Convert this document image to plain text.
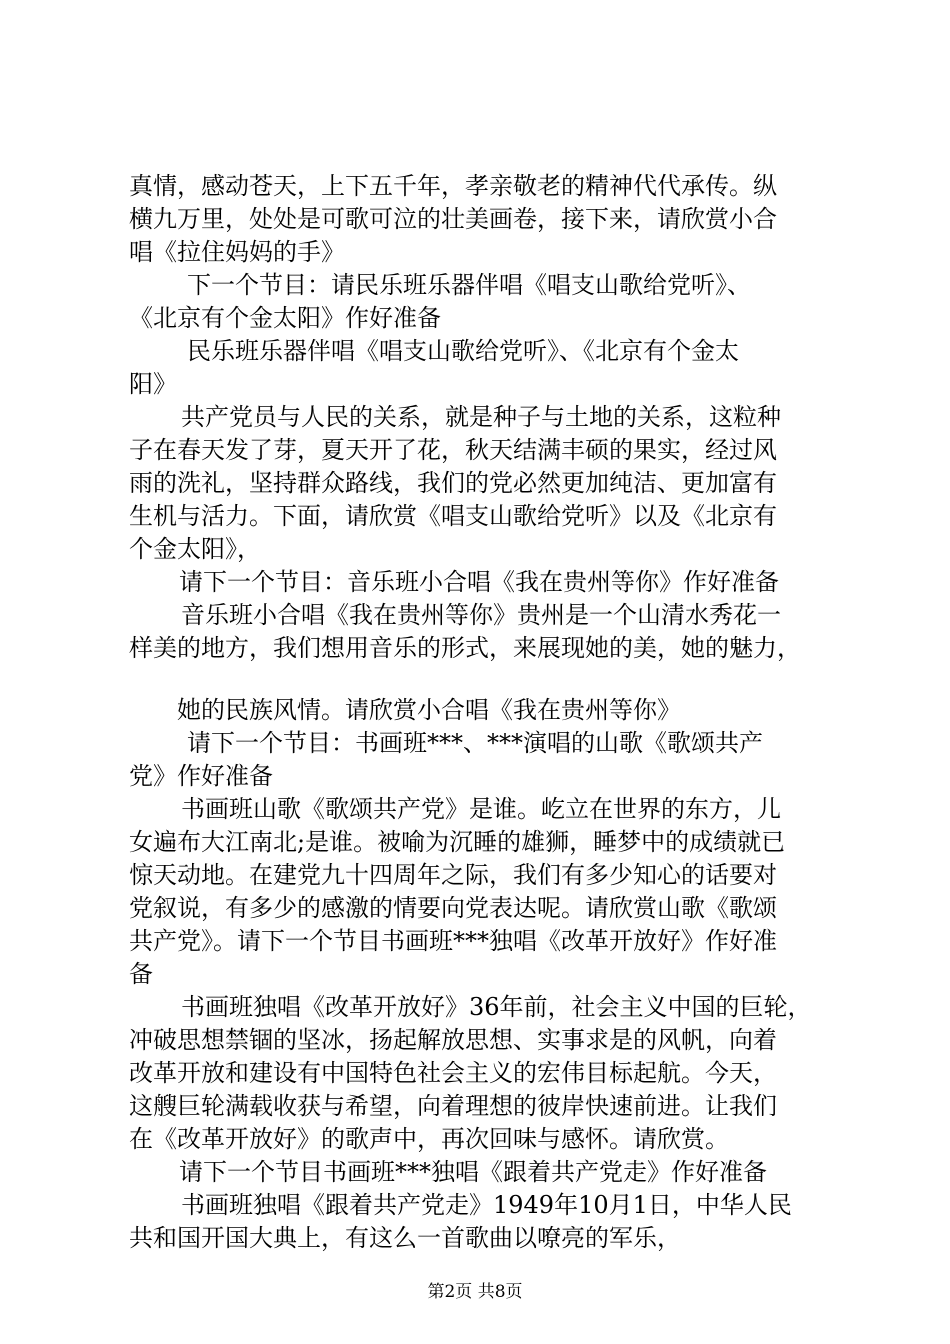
真情，感动苍天，上下五千年，孝亲敬老的精神代代承传。纵
横九万里，处处是可歌可泣的壮美画卷，接下来，请欣赏小合
唱《拉住妈妈的手》
下一个节目：请民乐班乐器伴唱《唱支山歌给党听》、
《北京有个金太阳》作好准备
民乐班乐器伴唱《唱支山歌给党听》、《北京有个金太
阳》
共产党员与人民的关系，就是种子与土地的关系，这粒种
子在春天发了芽，夏天开了花，秋天结满丰硕的果实，经过风
雨的洗礼，坚持群众路线，我们的党必然更加纯洁、更加富有
生机与活力。下面，请欣赏《唱支山歌给党听》以及《北京有
个金太阳》，
请下一个节目：音乐班小合唱《我在贵州等你》作好准备
音乐班小合唱《我在贵州等你》贵州是一个山清水秀花一
样美的地方，我们想用音乐的形式，来展现她的美，她的魅力，
她的民族风情。请欣赏小合唱《我在贵州等你》
请下一个节目：书画班***、***演唱的山歌《歌颂共产
党》作好准备
书画班山歌《歌颂共产党》是谁。屹立在世界的东方，儿
女遍布大江南北;是谁。被喻为沉睡的雄狮，睡梦中的成绩就已
惊天动地。在建党九十四周年之际，我们有多少知心的话要对
党叙说，有多少的感激的情要向党表达呢。请欣赏山歌《歌颂
共产党》。请下一个节目书画班***独唱《改革开放好》作好准
备
书画班独唱《改革开放好》36年前，社会主义中国的巨轮，
冲破思想禁锢的坚冰，扬起解放思想、实事求是的风帆，向着
改革开放和建设有中国特色社会主义的宏伟目标起航。今天，
这艘巨轮满载收获与希望，向着理想的彼岸快速前进。让我们
在《改革开放好》的歌声中，再次回味与感怀。请欣赏。
请下一个节目书画班***独唱《跟着共产党走》作好准备
书画班独唱《跟着共产党走》1949年10月1日，中华人民
共和国开国大典上，有这么一首歌曲以嘹亮的军乐，
第2页 共8页
